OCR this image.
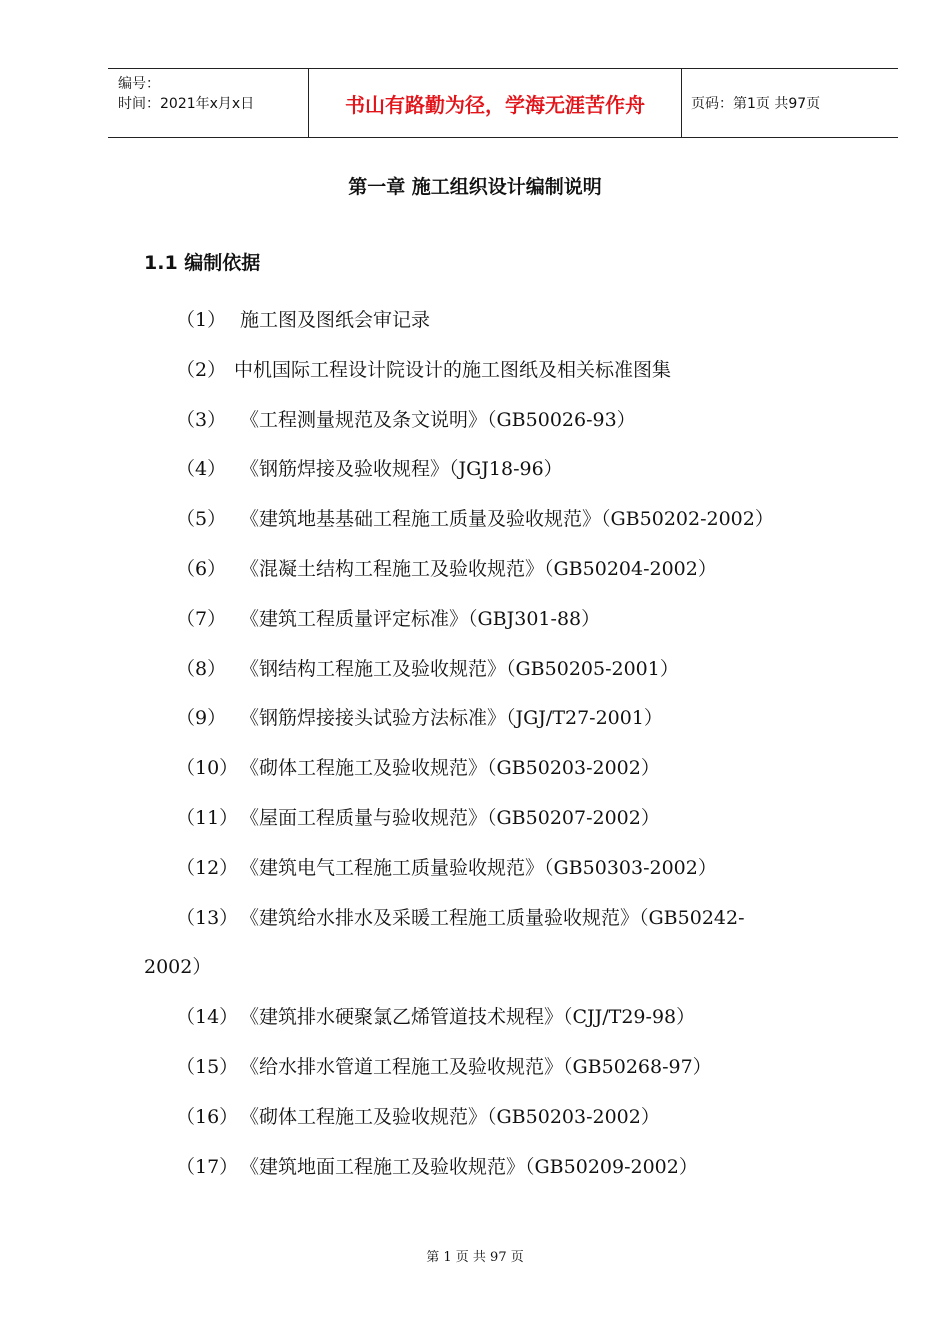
编号：
时间：2021年x月x日	书山有路勤为径，学海无涯苦作舟	页码：第1页 共97页
第一章 施工组织设计编制说明
1.1 编制依据
（1） 施工图及图纸会审记录
（2） 中机国际工程设计院设计的施工图纸及相关标准图集
（3） 《工程测量规范及条文说明》（GB50026-93）
（4） 《钢筋焊接及验收规程》（JGJ18-96）
（5） 《建筑地基基础工程施工质量及验收规范》（GB50202-2002）
（6） 《混凝土结构工程施工及验收规范》（GB50204-2002）
（7） 《建筑工程质量评定标准》（GBJ301-88）
（8） 《钢结构工程施工及验收规范》（GB50205-2001）
（9） 《钢筋焊接接头试验方法标准》（JGJ/T27-2001）
（10）《砌体工程施工及验收规范》（GB50203-2002）
（11）《屋面工程质量与验收规范》（GB50207-2002）
（12）《建筑电气工程施工质量验收规范》（GB50303-2002）
（13）《建筑给水排水及采暖工程施工质量验收规范》（GB50242-
2002）
（14）《建筑排水硬聚氯乙烯管道技术规程》（CJJ/T29-98）
（15）《给水排水管道工程施工及验收规范》（GB50268-97）
（16）《砌体工程施工及验收规范》（GB50203-2002）
（17）《建筑地面工程施工及验收规范》（GB50209-2002）
第 1 页 共 97 页
